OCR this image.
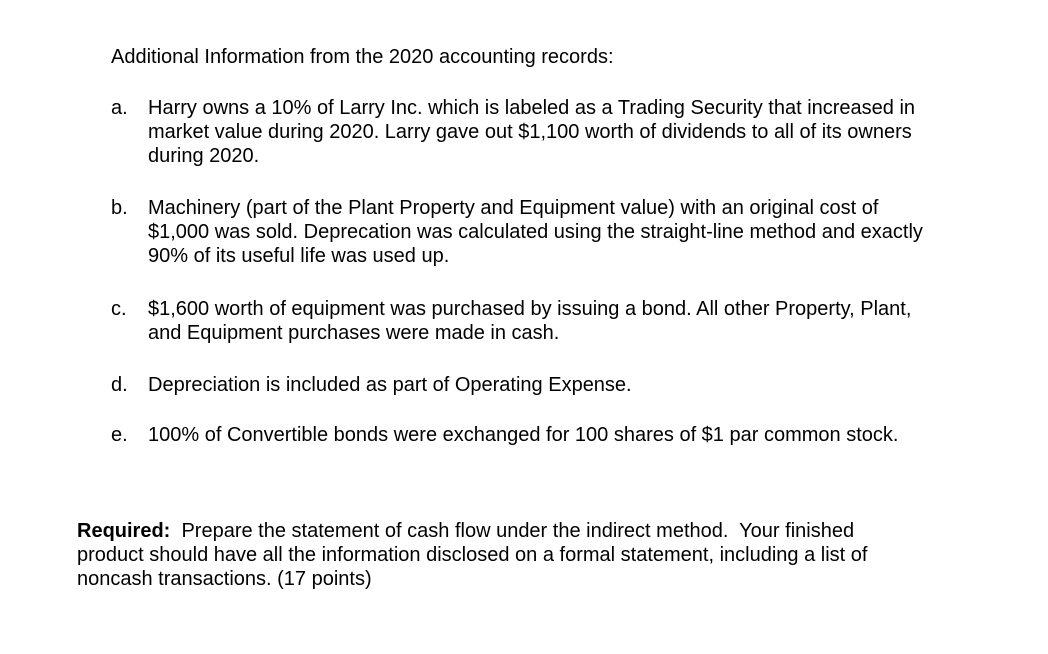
Additional Information from the 2020 accounting records:
a.	Harry owns a 10% of Larry Inc. which is labeled as a Trading Security that increased in
market value during 2020. Larry gave out $1,100 worth of dividends to all of its owners
during 2020.
b.	Machinery (part of the Plant Property and Equipment value) with an original cost of
$1,000 was sold. Deprecation was calculated using the straight-line method and exactly
90% of its useful life was used up.
c.	$1,600 worth of equipment was purchased by issuing a bond. All other Property, Plant,
and Equipment purchases were made in cash.
d.	Depreciation is included as part of Operating Expense.
e.	100% of Convertible bonds were exchanged for 100 shares of $1 par common stock.
Required:  Prepare the statement of cash flow under the indirect method.  Your finished
product should have all the information disclosed on a formal statement, including a list of
noncash transactions. (17 points)
